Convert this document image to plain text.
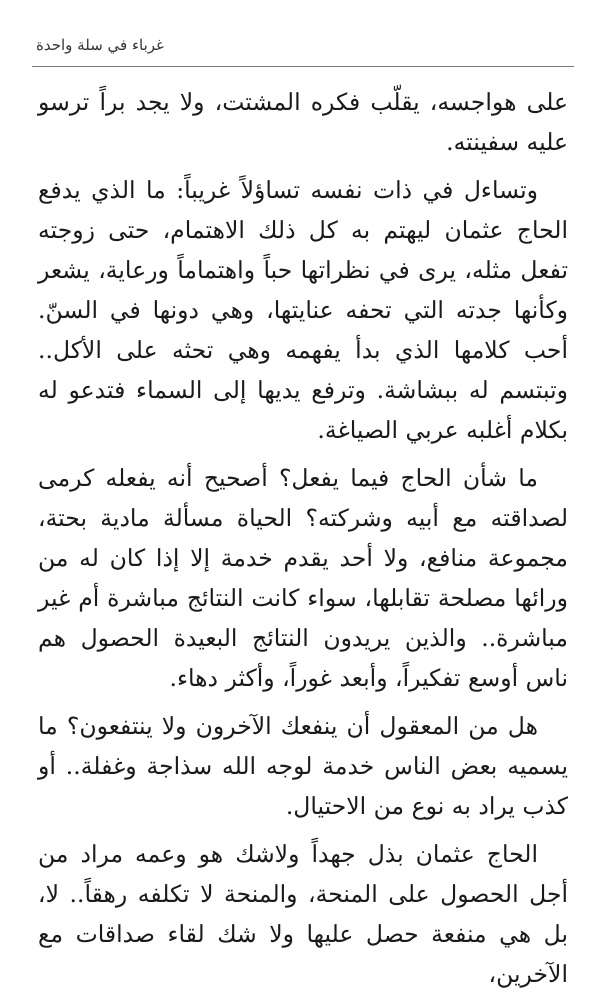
غرباء في سلة واحدة

على هواجسه، يقلّب فكره المشتت، ولا يجد براً ترسو عليه سفينته.

وتساءل في ذات نفسه تساؤلاً غريباً: ما الذي يدفع الحاج عثمان ليهتم به كل ذلك الاهتمام، حتى زوجته تفعل مثله، يرى في نظراتها حباً واهتماماً ورعاية، يشعر وكأنها جدته التي تحفه عنايتها، وهي دونها في السنّ. أحب كلامها الذي بدأ يفهمه وهي تحثه على الأكل.. وتبتسم له ببشاشة. وترفع يديها إلى السماء فتدعو له بكلام أغلبه عربي الصياغة.

ما شأن الحاج فيما يفعل؟ أصحيح أنه يفعله كرمى لصداقته مع أبيه وشركته؟ الحياة مسألة مادية بحتة، مجموعة منافع، ولا أحد يقدم خدمة إلا إذا كان له من ورائها مصلحة تقابلها، سواء كانت النتائج مباشرة أم غير مباشرة.. والذين يريدون النتائج البعيدة الحصول هم ناس أوسع تفكيراً، وأبعد غوراً، وأكثر دهاء.

هل من المعقول أن ينفعك الآخرون ولا ينتفعون؟ ما يسميه بعض الناس خدمة لوجه الله سذاجة وغفلة.. أو كذب يراد به نوع من الاحتيال.

الحاج عثمان بذل جهداً ولاشك هو وعمه مراد من أجل الحصول على المنحة، والمنحة لا تكلفه رهقاً.. لا، بل هي منفعة حصل عليها ولا شك لقاء صداقات مع الآخرين،
